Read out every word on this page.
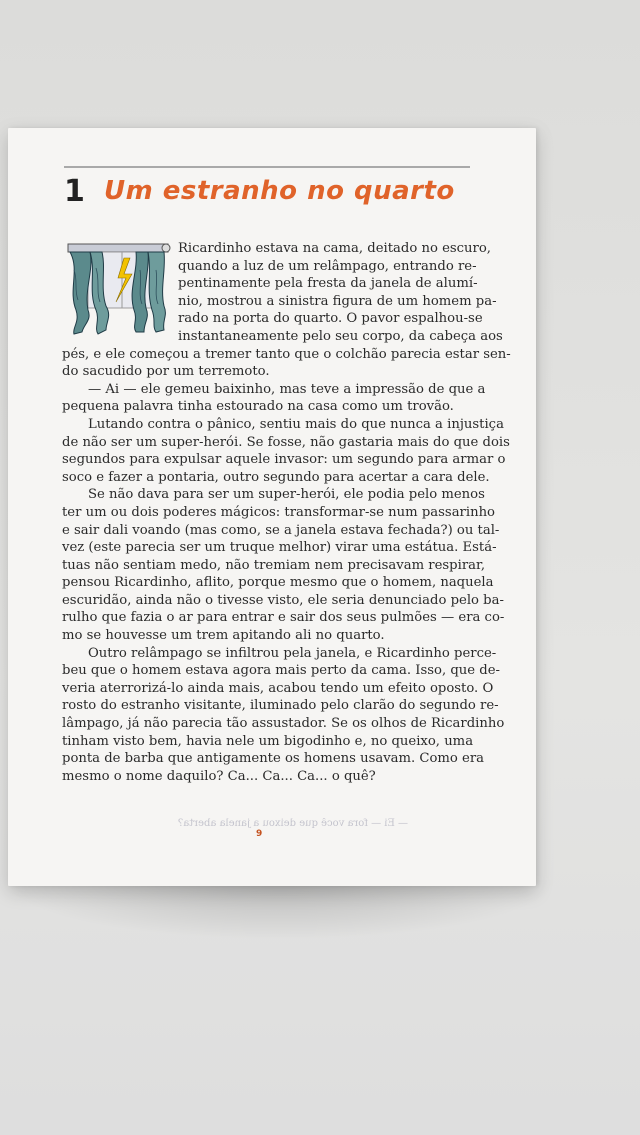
1 Um estranho no quarto
Ricardinho estava na cama, deitado no escuro,
quando a luz de um relâmpago, entrando re-
pentinamente pela fresta da janela de alumí-
nio, mostrou a sinistra figura de um homem pa-
rado na porta do quarto. O pavor espalhou-se
instantaneamente pelo seu corpo, da cabeça aos
pés, e ele começou a tremer tanto que o colchão parecia estar sen-
do sacudido por um terremoto.
— Ai — ele gemeu baixinho, mas teve a impressão de que a
pequena palavra tinha estourado na casa como um trovão.
Lutando contra o pânico, sentiu mais do que nunca a injustiça
de não ser um super-herói. Se fosse, não gastaria mais do que dois
segundos para expulsar aquele invasor: um segundo para armar o
soco e fazer a pontaria, outro segundo para acertar a cara dele.
Se não dava para ser um super-herói, ele podia pelo menos
ter um ou dois poderes mágicos: transformar-se num passarinho
e sair dali voando (mas como, se a janela estava fechada?) ou tal-
vez (este parecia ser um truque melhor) virar uma estátua. Está-
tuas não sentiam medo, não tremiam nem precisavam respirar,
pensou Ricardinho, aflito, porque mesmo que o homem, naquela
escuridão, ainda não o tivesse visto, ele seria denunciado pelo ba-
rulho que fazia o ar para entrar e sair dos seus pulmões — era co-
mo se houvesse um trem apitando ali no quarto.
Outro relâmpago se infiltrou pela janela, e Ricardinho perce-
beu que o homem estava agora mais perto da cama. Isso, que de-
veria aterrorizá-lo ainda mais, acabou tendo um efeito oposto. O
rosto do estranho visitante, iluminado pelo clarão do segundo re-
lâmpago, já não parecia tão assustador. Se os olhos de Ricardinho
tinham visto bem, havia nele um bigodinho e, no queixo, uma
ponta de barba que antigamente os homens usavam. Como era
mesmo o nome daquilo? Ca... Ca... Ca... o quê?
— Ei — fora você que deixou a janela aberta?
9
